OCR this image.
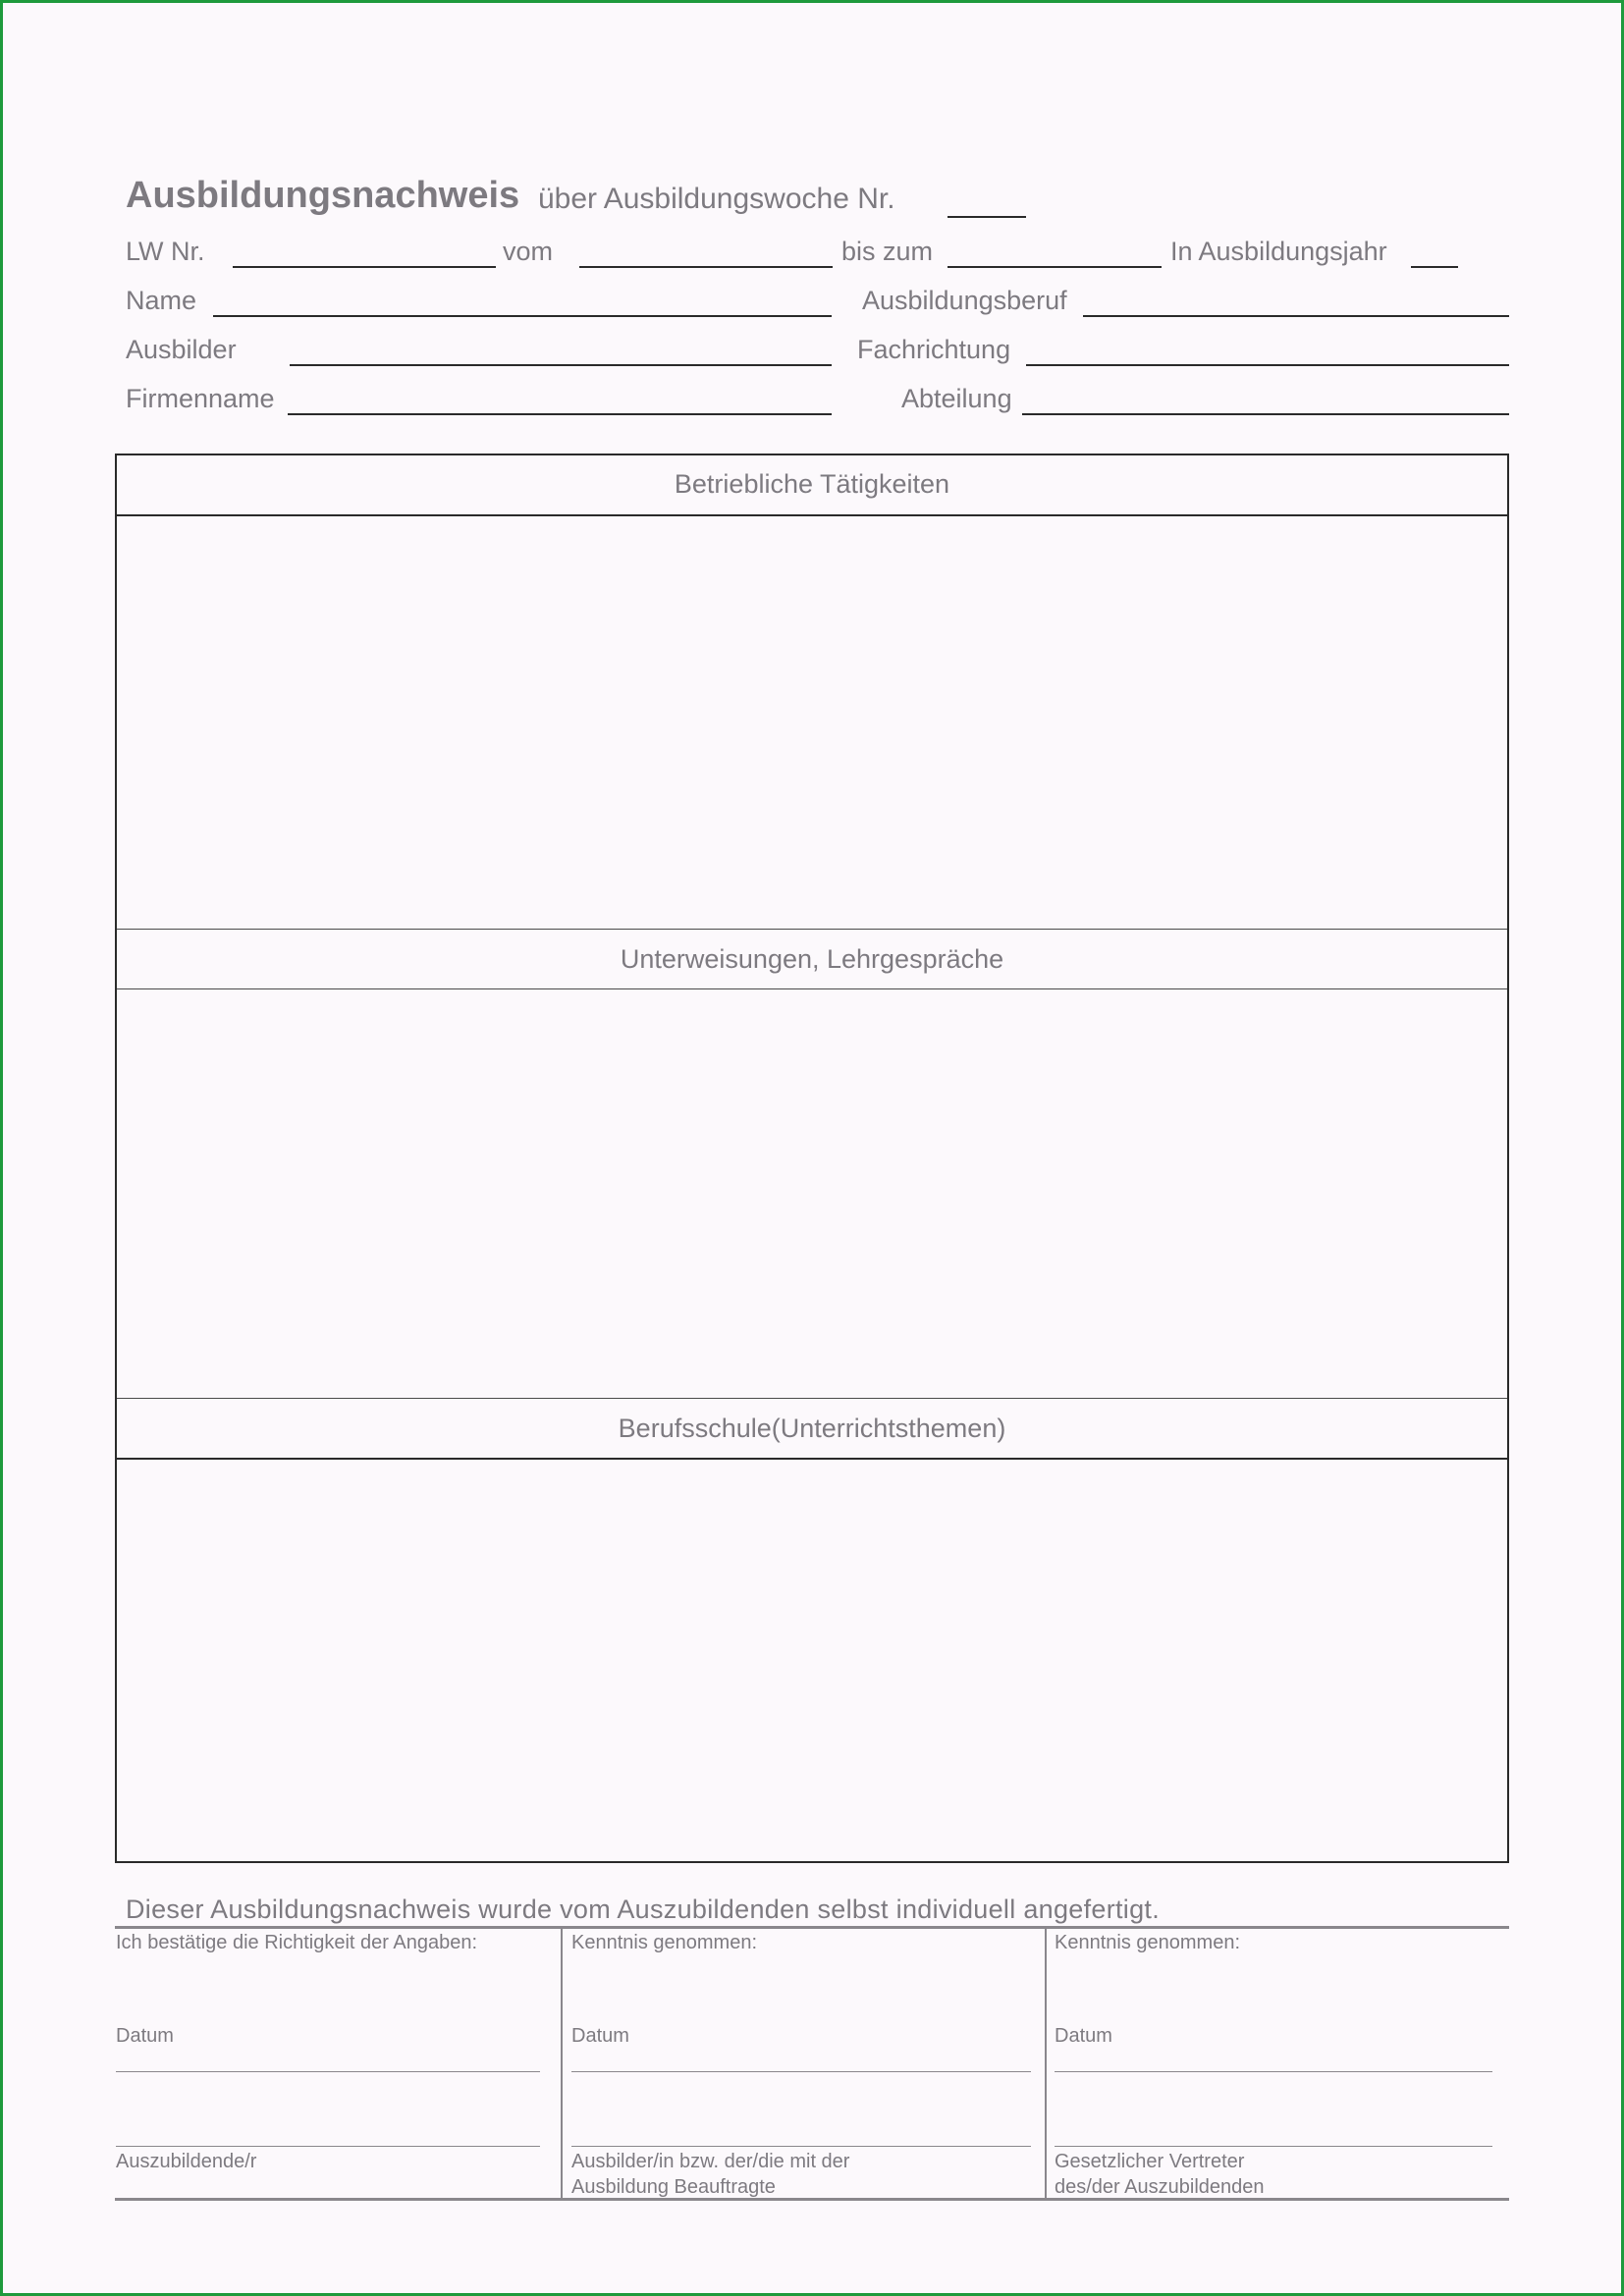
Ausbildungsnachweis über Ausbildungswoche Nr.
LW Nr.	vom	bis zum	In Ausbildungsjahr
Name	Ausbildungsberuf
Ausbilder	Fachrichtung
Firmenname	Abteilung
Betriebliche Tätigkeiten
Unterweisungen, Lehrgespräche
Berufsschule(Unterrichtsthemen)
Dieser Ausbildungsnachweis wurde vom Auszubildenden selbst individuell angefertigt.
Ich bestätige die Richtigkeit der Angaben:
Datum
Auszubildende/r
Kenntnis genommen:
Datum
Ausbilder/in bzw. der/die mit der
Ausbildung Beauftragte
Kenntnis genommen:
Datum
Gesetzlicher Vertreter
des/der Auszubildenden
